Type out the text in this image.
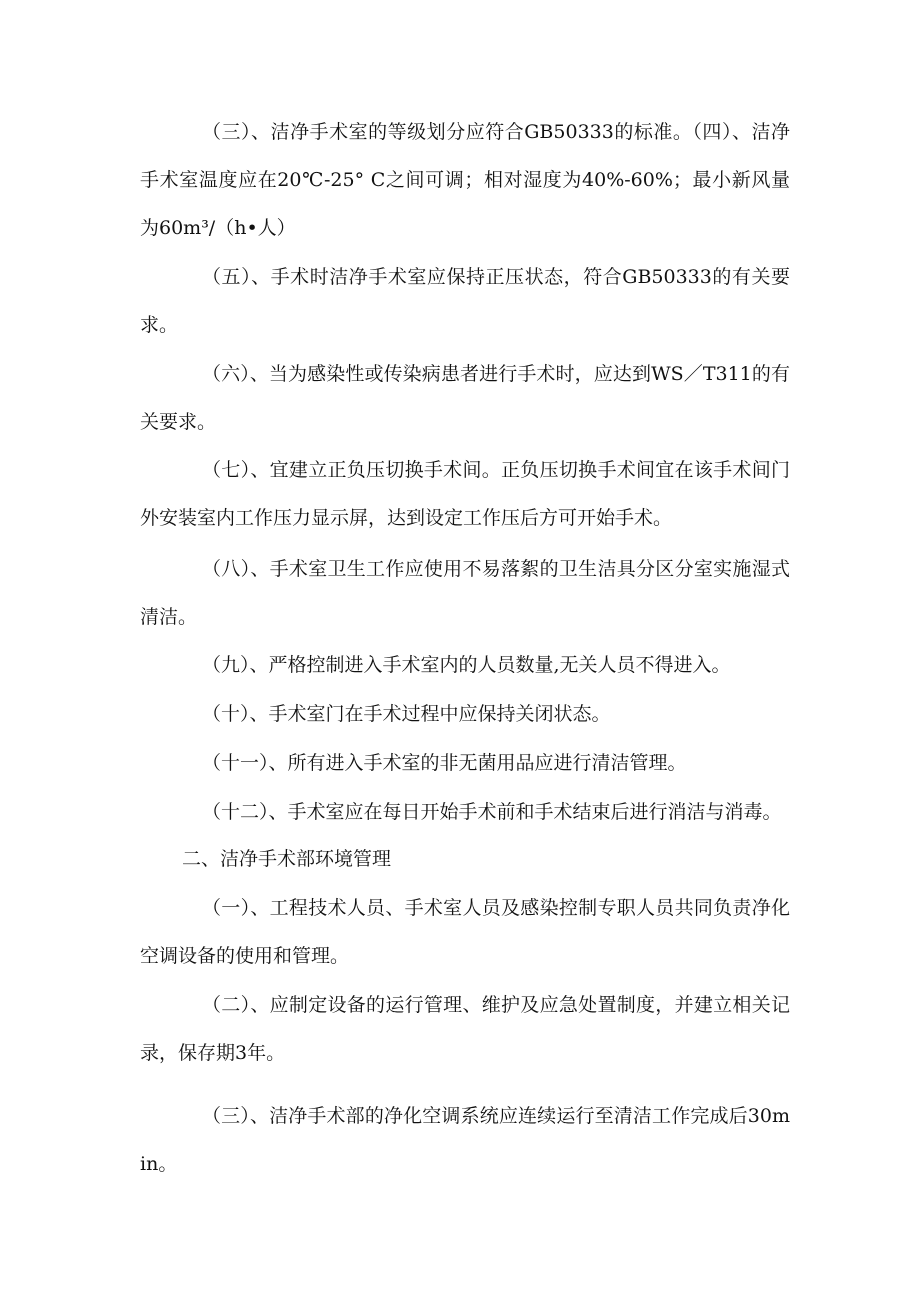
（三）、洁净手术室的等级划分应符合GB50333的标准。（四）、洁净手术室温度应在20℃-25° C之间可调；相对湿度为40%-60%；最小新风量为60m³/（h•人）
（五）、手术时洁净手术室应保持正压状态，符合GB50333的有关要求。
（六）、当为感染性或传染病患者进行手术时，应达到WS／T311的有关要求。
（七）、宜建立正负压切换手术间。正负压切换手术间宜在该手术间门外安装室内工作压力显示屏，达到设定工作压后方可开始手术。
（八）、手术室卫生工作应使用不易落絮的卫生洁具分区分室实施湿式清洁。
（九）、严格控制进入手术室内的人员数量,无关人员不得进入。
（十）、手术室门在手术过程中应保持关闭状态。
（十一）、所有进入手术室的非无菌用品应进行清洁管理。
（十二）、手术室应在每日开始手术前和手术结束后进行消洁与消毒。
二、洁净手术部环境管理
（一）、工程技术人员、手术室人员及感染控制专职人员共同负责净化空调设备的使用和管理。
（二）、应制定设备的运行管理、维护及应急处置制度，并建立相关记录，保存期3年。
（三）、洁净手术部的净化空调系统应连续运行至清洁工作完成后30min。
